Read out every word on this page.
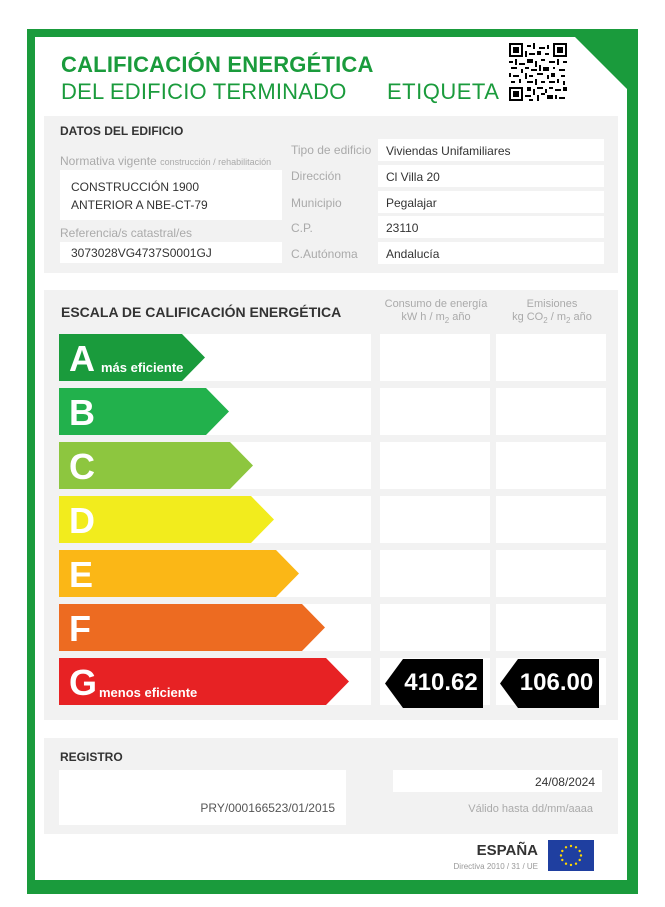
CALIFICACIÓN ENERGÉTICA
DEL EDIFICIO TERMINADO ETIQUETA
DATOS DEL EDIFICIO
Normativa vigente construcción / rehabilitación
CONSTRUCCIÓN 1900
ANTERIOR A NBE-CT-79
Referencia/s catastral/es
3073028VG4737S0001GJ
Tipo de edificio Viviendas Unifamiliares
Dirección	Cl Villa 20
Municipio	Pegalajar
C.P.	23110
C.Autónoma Andalucía
ESCALA DE CALIFICACIÓN ENERGÉTICA	Consumo de energía
kW h / $m_2$ año
Emisiones
kg $CO_2 / m_2$ año
A más eficiente
B
C
D
E
F
G menos eficiente	410.62 106.00
REGISTRO
PRY/000166523/01/2015
24/08/2024
Válido hasta dd/mm/aaaa
ESPAÑA
Directiva 2010 / 31 / UE
